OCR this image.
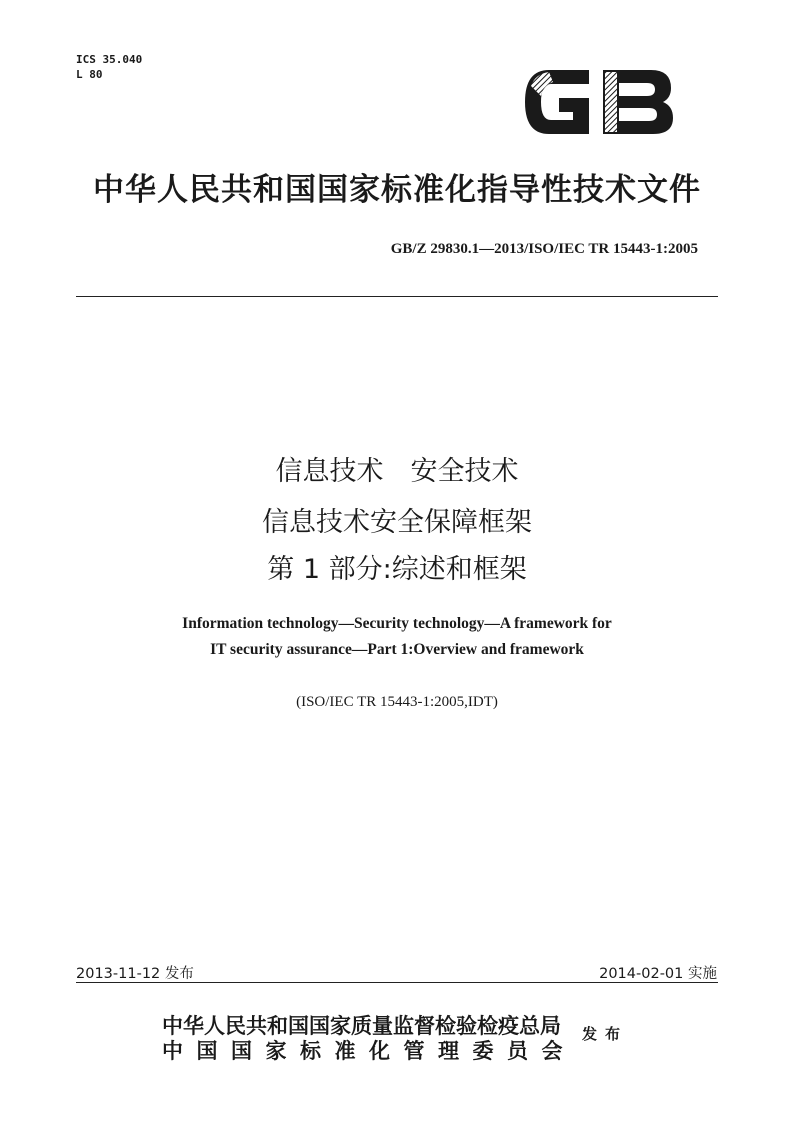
ICS 35.040
L 80
中华人民共和国国家标准化指导性技术文件
GB/Z 29830.1—2013/ISO/IEC TR 15443-1:2005
信息技术　安全技术
信息技术安全保障框架
第 1 部分:综述和框架
Information technology—Security technology—A framework for
IT security assurance—Part 1:Overview and framework
(ISO/IEC TR 15443-1:2005,IDT)
2013-11-12 发布	2014-02-01 实施
中华人民共和国国家质量监督检验检疫总局
中国国家标准化管理委员会
发布
